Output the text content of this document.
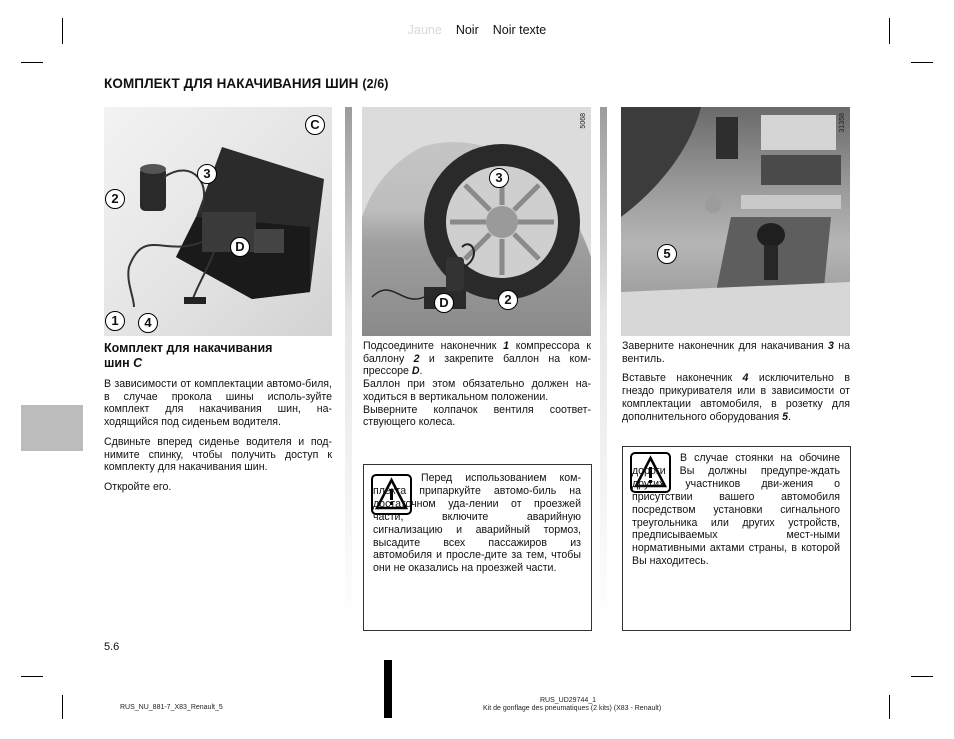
Jaune Noir Noir texte
КОМПЛЕКТ ДЛЯ НАКАЧИВАНИЯ ШИН (2/6)
C
3
2
D
1	4
5068
3
D	2
31358
5
Комплект для накачивания
шин C

В зависимости от комплектации автомо-биля, в случае прокола шины исполь-зуйте комплект для накачивания шин, на-ходящийся под сиденьем водителя.

Сдвиньте вперед сиденье водителя и под-нимите спинку, чтобы получить доступ к комплекту для накачивания шин.

Откройте его.

Подсоедините наконечник 1 компрессора к баллону 2 и закрепите баллон на ком-прессоре D.

Баллон при этом обязательно должен на-ходиться в вертикальном положении.

Выверните колпачок вентиля соответ-ствующего колеса.

Перед использованием ком-плекта припаркуйте автомо-биль на достаточном уда-лении от проезжей части, включите аварийную сигнализацию и аварийный тормоз, высадите всех пассажиров из автомобиля и просле-дите за тем, чтобы они не оказались на проезжей части.

Заверните наконечник для накачивания 3 на вентиль.

Вставьте наконечник 4 исключительно в гнездо прикуривателя или в зависимости от комплектации автомобиля, в розетку для дополнительного оборудования 5.

В случае стоянки на обочине дороги Вы должны предупре-ждать других участников дви-жения о присутствии вашего автомобиля посредством установки сигнального треугольника или других устройств, предписываемых мест-ными нормативными актами страны, в которой Вы находитесь.
5.6
RUS_NU_881-7_X83_Renault_5
RUS_UD29744_1
Kit de gonflage des pneumatiques (2 kits) (X83 - Renault)
